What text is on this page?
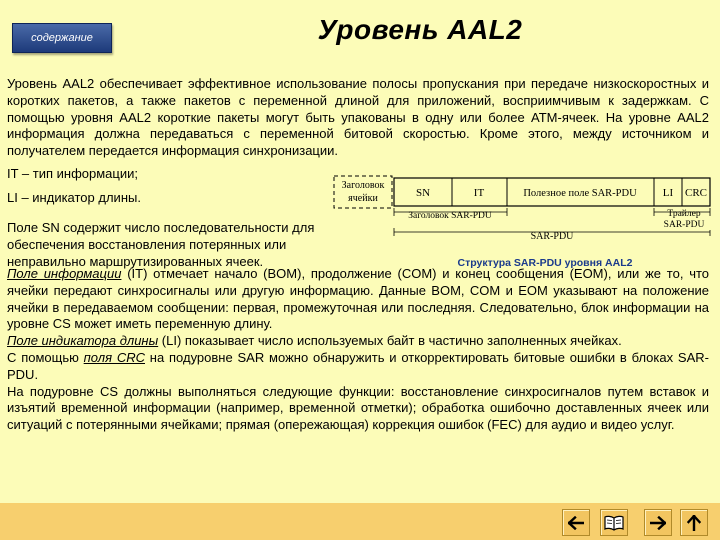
содержание	Уровень AAL2

Уровень AAL2 обеспечивает эффективное использование полосы пропускания при передаче низкоскоростных и коротких пакетов, а также пакетов с переменной длиной для приложений, восприимчивым к задержкам. С помощью уровня AAL2 короткие пакеты могут быть упакованы в одну или более ATM-ячеек. На уровне AAL2 информация должна передаваться с переменной битовой скоростью. Кроме этого, между источником и получателем передается информация синхронизации.

IT – тип информации;

LI – индикатор длины.

Поле SN содержит число последовательности для обеспечения восстановления потерянных или неправильно маршрутизированных ячеек.

Заголовок
ячейки	SN	IT	Полезное поле SAR-PDU LI CRC
Заголовок SAR-PDU	Трайлер
SAR-PDU
SAR-PDU
Структура SAR-PDU уровня AAL2
Поле информации (IT) отмечает начало (BOM), продолжение (COM) и конец сообщения (EOM), или же то, что ячейки передают синхросигналы или другую информацию. Данные BOM, COM и EOM указывают на положение ячейки в передаваемом сообщении: первая, промежуточная или последняя. Следовательно, блок информации на уровне CS может иметь переменную длину.
Поле индикатора длины (LI) показывает число используемых байт в частично заполненных ячейках.
С помощью поля CRC на подуровне SAR можно обнаружить и откорректировать битовые ошибки в блоках SAR-PDU.
На подуровне CS должны выполняться следующие функции: восстановление синхросигналов путем вставок и изъятий временной информации (например, временной отметки); обработка ошибочно доставленных ячеек или ситуаций с потерянными ячейками; прямая (опережающая) коррекция ошибок (FEC) для аудио и видео услуг.
